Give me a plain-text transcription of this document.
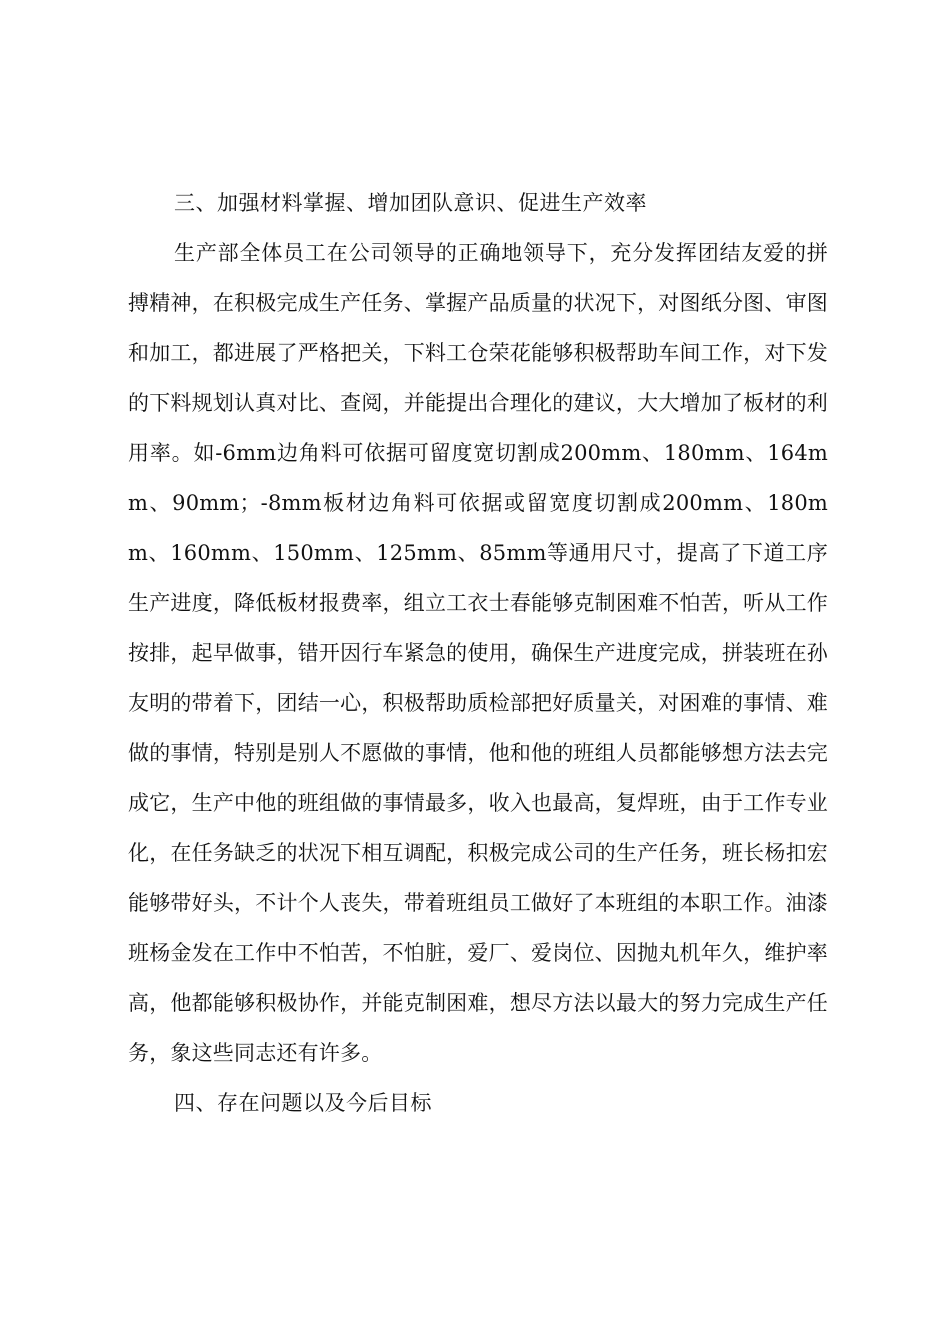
三、加强材料掌握、增加团队意识、促进生产效率

生产部全体员工在公司领导的正确地领导下，充分发挥团结友爱的拼搏精神，在积极完成生产任务、掌握产品质量的状况下，对图纸分图、审图和加工，都进展了严格把关，下料工仓荣花能够积极帮助车间工作，对下发的下料规划认真对比、查阅，并能提出合理化的建议，大大增加了板材的利用率。如-6mm边角料可依据可留度宽切割成200mm、180mm、164mm、90mm；-8mm板材边角料可依据或留宽度切割成200mm、180mm、160mm、150mm、125mm、85mm等通用尺寸，提高了下道工序生产进度，降低板材报费率，组立工衣士春能够克制困难不怕苦，听从工作按排，起早做事，错开因行车紧急的使用，确保生产进度完成，拼装班在孙友明的带着下，团结一心，积极帮助质检部把好质量关，对困难的事情、难做的事情，特别是别人不愿做的事情，他和他的班组人员都能够想方法去完成它，生产中他的班组做的事情最多，收入也最高，复焊班，由于工作专业化，在任务缺乏的状况下相互调配，积极完成公司的生产任务，班长杨扣宏能够带好头，不计个人丧失，带着班组员工做好了本班组的本职工作。油漆班杨金发在工作中不怕苦，不怕脏，爱厂、爱岗位、因抛丸机年久，维护率高，他都能够积极协作，并能克制困难，想尽方法以最大的努力完成生产任务，象这些同志还有许多。

四、存在问题以及今后目标
